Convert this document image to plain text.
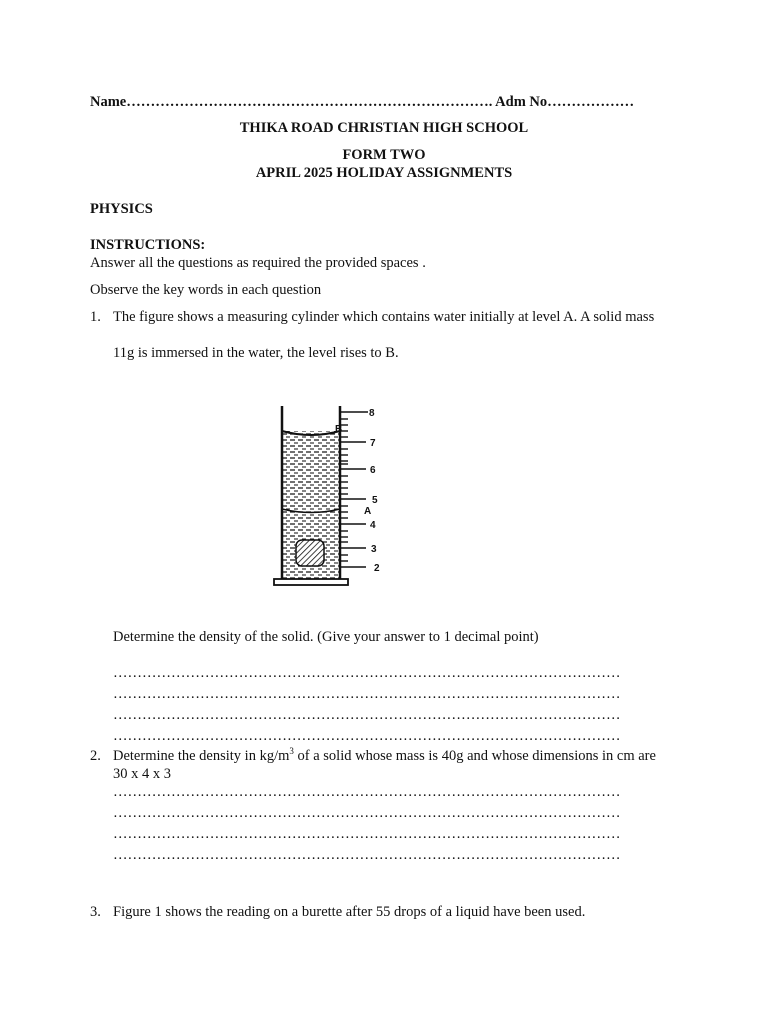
Name…………………………………………………………………. Adm No………………
THIKA ROAD CHRISTIAN HIGH SCHOOL
FORM TWO
APRIL 2025 HOLIDAY ASSIGNMENTS
PHYSICS
INSTRUCTIONS:
Answer all the questions as required the provided spaces .
Observe the key words in each question
1. The figure shows a measuring cylinder which contains water initially at level A. A solid mass
11g is immersed in the water, the level rises to B.
8
B
7
6
5
A
4
3
2
Determine the density of the solid. (Give your answer to 1 decimal point)
……………………………………………………………………………………………
……………………………………………………………………………………………
……………………………………………………………………………………………
……………………………………………………………………………………………
2. Determine the density in $kg/m^3$ of a solid whose mass is 40g and whose dimensions in cm are
30 x 4 x 3
……………………………………………………………………………………………
……………………………………………………………………………………………
……………………………………………………………………………………………
……………………………………………………………………………………………
3. Figure 1 shows the reading on a burette after 55 drops of a liquid have been used.
